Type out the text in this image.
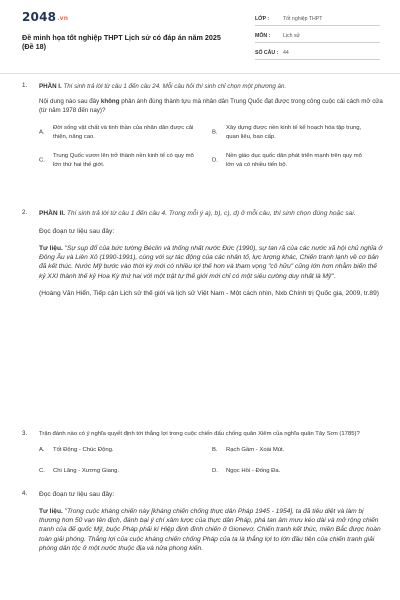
2048.vn
Đề minh họa tốt nghiệp THPT Lịch sử có đáp án năm 2025 (Đề 18)
LỚP :	Tốt nghiệp THPT
MÔN :	Lịch sử
SỐ CÂU : 44
1. PHẦN I. Thí sinh trả lời từ câu 1 đến câu 24. Mỗi câu hỏi thí sinh chỉ chọn một phương án.

Nội dung nào sau đây không phản ánh đúng thành tựu mà nhân dân Trung Quốc đạt được trong công cuộc cải cách mở cửa (từ năm 1978 đến nay)?

A.
Đời sống vật chất và tinh thần của nhân dân được cải thiện, nâng cao.
B.
Xây dựng được nền kinh tế kế hoạch hóa tập trung, quan liêu, bao cấp.
C.
Trung Quốc vươn lên trở thành nền kinh tế có quy mô lớn thứ hai thế giới.
D.
Nền giáo dục quốc dân phát triển mạnh trên quy mô lớn và có nhiều tiến bộ.
2. PHẦN II. Thí sinh trả lời từ câu 1 đến câu 4. Trong mỗi ý a), b), c), d) ở mỗi câu, thí sinh chọn đúng hoặc sai.

Đọc đoạn tư liệu sau đây:

Tư liệu. "Sự sụp đổ của bức tường Béclin và thống nhất nước Đức (1990), sự tan rã của các nước xã hội chủ nghĩa ở Đông Âu và Liên Xô (1990-1991), cùng với sự tác động của các nhân tố, lực lượng khác, Chiến tranh lạnh về cơ bản đã kết thúc. Nước Mỹ bước vào thời kỳ mới có nhiều lợi thế hơn và tham vọng "cô hữu" cũng lớn hơn nhằm biến thế kỷ XXI thành thế kỷ Hoa Kỳ thứ hai với một trật tự thế giới mới chỉ có một siêu cường duy nhất là Mỹ".

(Hoàng Văn Hiển, Tiếp cận Lịch sử thế giới và lịch sử Việt Nam - Một cách nhìn, Nxb Chính trị Quốc gia, 2009, tr.89)

3. Trận đánh nào có ý nghĩa quyết định tới thắng lợi trong cuộc chiến đấu chống quân Xiêm của nghĩa quân Tây Sơn (1785)?

A. Tốt Động - Chúc Động.	B. Rạch Gầm - Xoài Mút.
C. Chi Lăng - Xương Giang.	D. Ngọc Hồi - Đống Đa.
4. Đọc đoạn tư liệu sau đây:

Tư liệu. "Trong cuộc kháng chiến này [kháng chiến chống thực dân Pháp 1945 - 1954], ta đã tiêu diệt và làm bị thương hơn 50 vạn tên địch, đánh bại ý chí xâm lược của thực dân Pháp, phá tan âm mưu kéo dài và mở rộng chiến tranh của đế quốc Mỹ, buộc Pháp phải kí Hiệp định đình chiến ở Gionevơ. Chiến tranh kết thúc, miền Bắc được hoàn toàn giải phóng. Thắng lợi của cuộc kháng chiến chống Pháp của ta là thắng lợi to lớn đầu tiên của chiến tranh giải phóng dân tộc ở một nước thuộc địa và nửa phong kiến.
